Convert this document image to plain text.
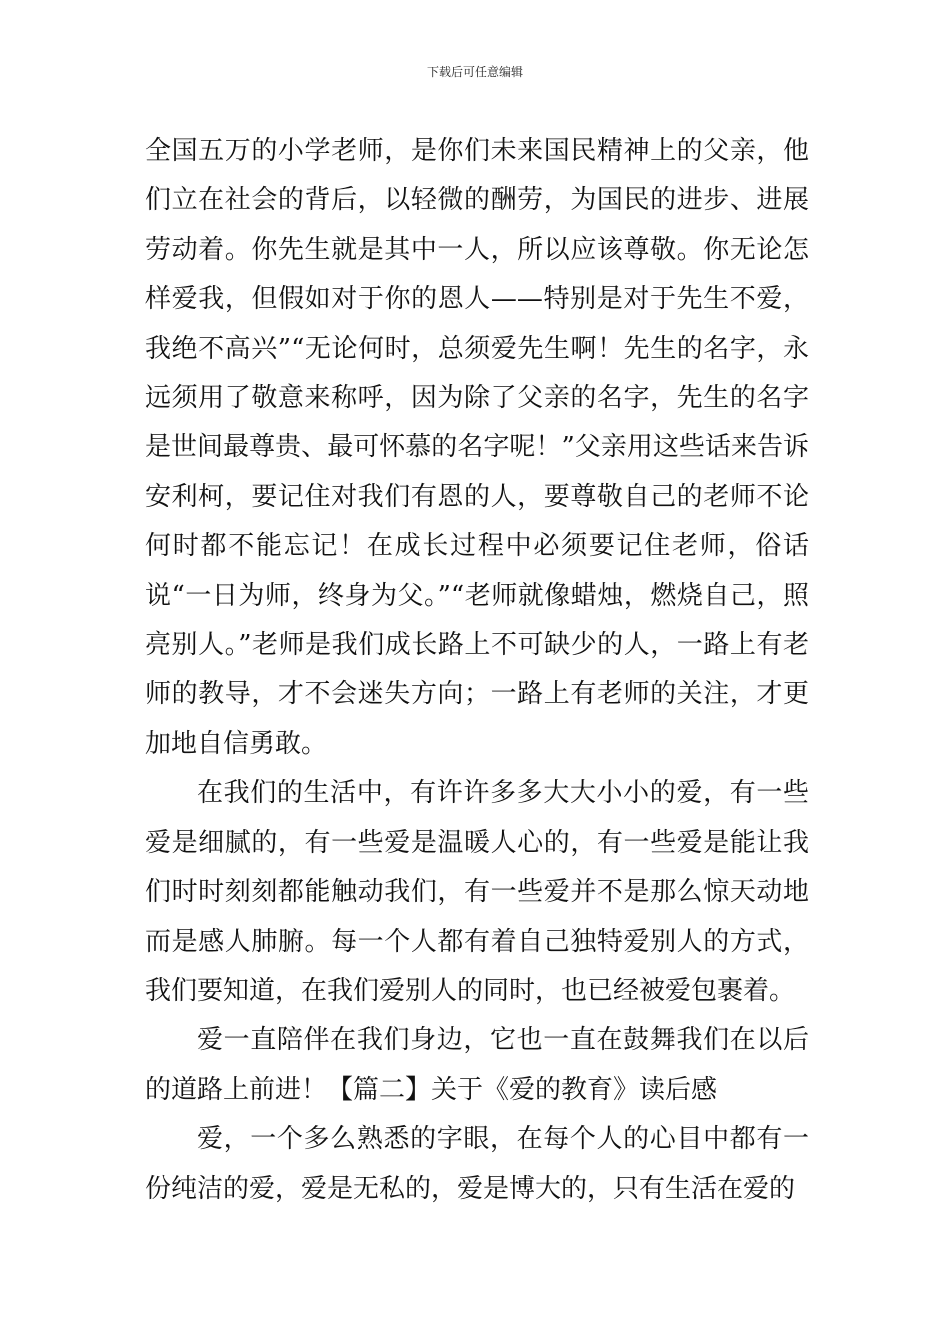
下载后可任意编辑

全国五万的小学老师，是你们未来国民精神上的父亲，他们立在社会的背后，以轻微的酬劳，为国民的进步、进展劳动着。你先生就是其中一人，所以应该尊敬。你无论怎样爱我，但假如对于你的恩人——特别是对于先生不爱，我绝不高兴”“无论何时，总须爱先生啊！先生的名字，永远须用了敬意来称呼，因为除了父亲的名字，先生的名字是世间最尊贵、最可怀慕的名字呢！”父亲用这些话来告诉安利柯，要记住对我们有恩的人，要尊敬自己的老师不论何时都不能忘记！在成长过程中必须要记住老师，俗话说“一日为师，终身为父。”“老师就像蜡烛，燃烧自己，照亮别人。”老师是我们成长路上不可缺少的人，一路上有老师的教导，才不会迷失方向；一路上有老师的关注，才更加地自信勇敢。

在我们的生活中，有许许多多大大小小的爱，有一些爱是细腻的，有一些爱是温暖人心的，有一些爱是能让我们时时刻刻都能触动我们，有一些爱并不是那么惊天动地而是感人肺腑。每一个人都有着自己独特爱别人的方式，我们要知道，在我们爱别人的同时，也已经被爱包裹着。

爱一直陪伴在我们身边，它也一直在鼓舞我们在以后的道路上前进！【篇二】关于《爱的教育》读后感

爱，一个多么熟悉的字眼，在每个人的心目中都有一份纯洁的爱，爱是无私的，爱是博大的，只有生活在爱的
